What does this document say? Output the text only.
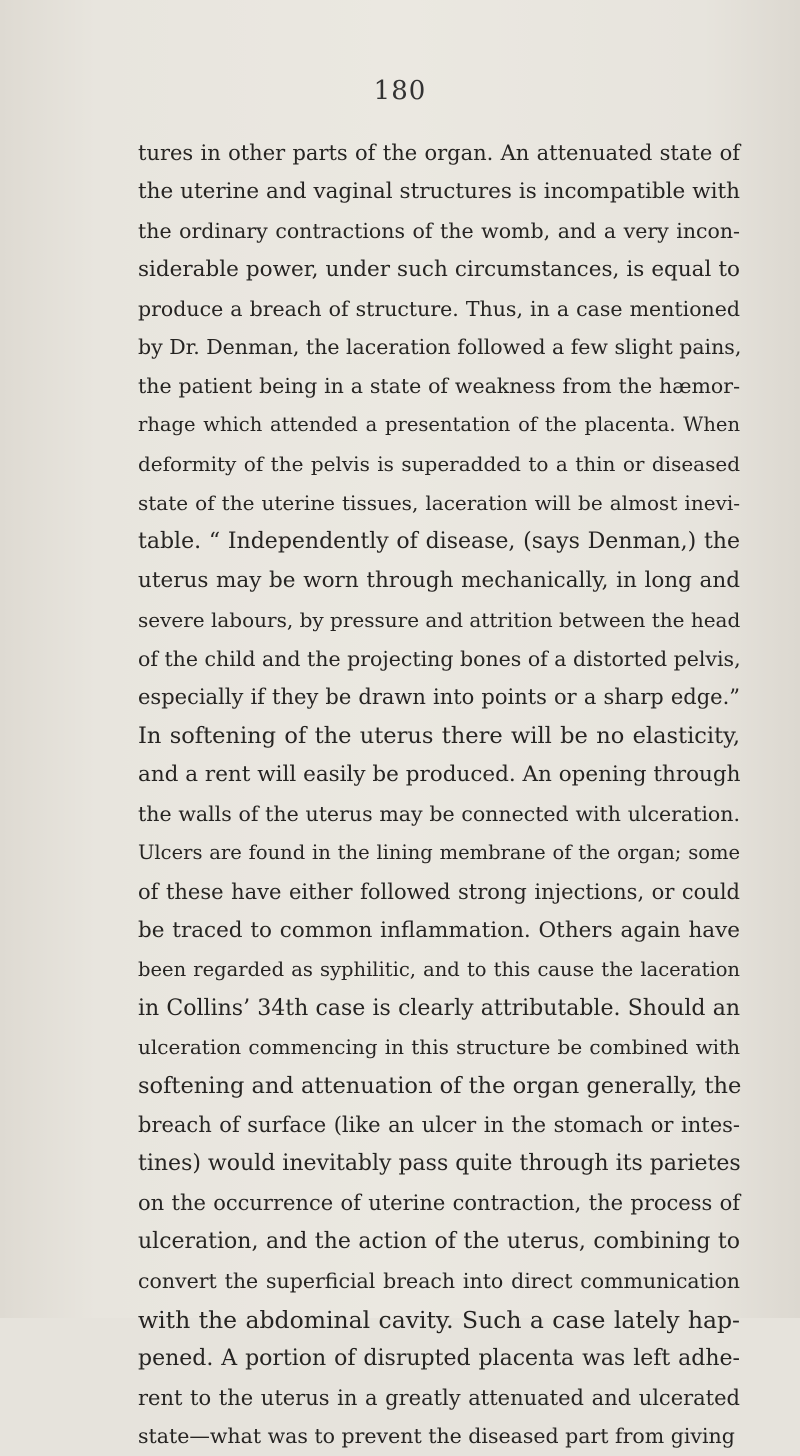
180
tures in other parts of the organ. An attenuated state of
the uterine and vaginal structures is incompatible with
the ordinary contractions of the womb, and a very incon-
siderable power, under such circumstances, is equal to
produce a breach of structure. Thus, in a case mentioned
by Dr. Denman, the laceration followed a few slight pains,
the patient being in a state of weakness from the hæmor-
rhage which attended a presentation of the placenta. When
deformity of the pelvis is superadded to a thin or diseased
state of the uterine tissues, laceration will be almost inevi-
table. “ Independently of disease, (says Denman,) the
uterus may be worn through mechanically, in long and
severe labours, by pressure and attrition between the head
of the child and the projecting bones of a distorted pelvis,
especially if they be drawn into points or a sharp edge.”
In softening of the uterus there will be no elasticity,
and a rent will easily be produced. An opening through
the walls of the uterus may be connected with ulceration.
Ulcers are found in the lining membrane of the organ; some
of these have either followed strong injections, or could
be traced to common inflammation. Others again have
been regarded as syphilitic, and to this cause the laceration
in Collins’ 34th case is clearly attributable. Should an
ulceration commencing in this structure be combined with
softening and attenuation of the organ generally, the
breach of surface (like an ulcer in the stomach or intes-
tines) would inevitably pass quite through its parietes
on the occurrence of uterine contraction, the process of
ulceration, and the action of the uterus, combining to
convert the superficial breach into direct communication
with the abdominal cavity. Such a case lately hap-
pened. A portion of disrupted placenta was left adhe-
rent to the uterus in a greatly attenuated and ulcerated
state—what was to prevent the diseased part from giving
